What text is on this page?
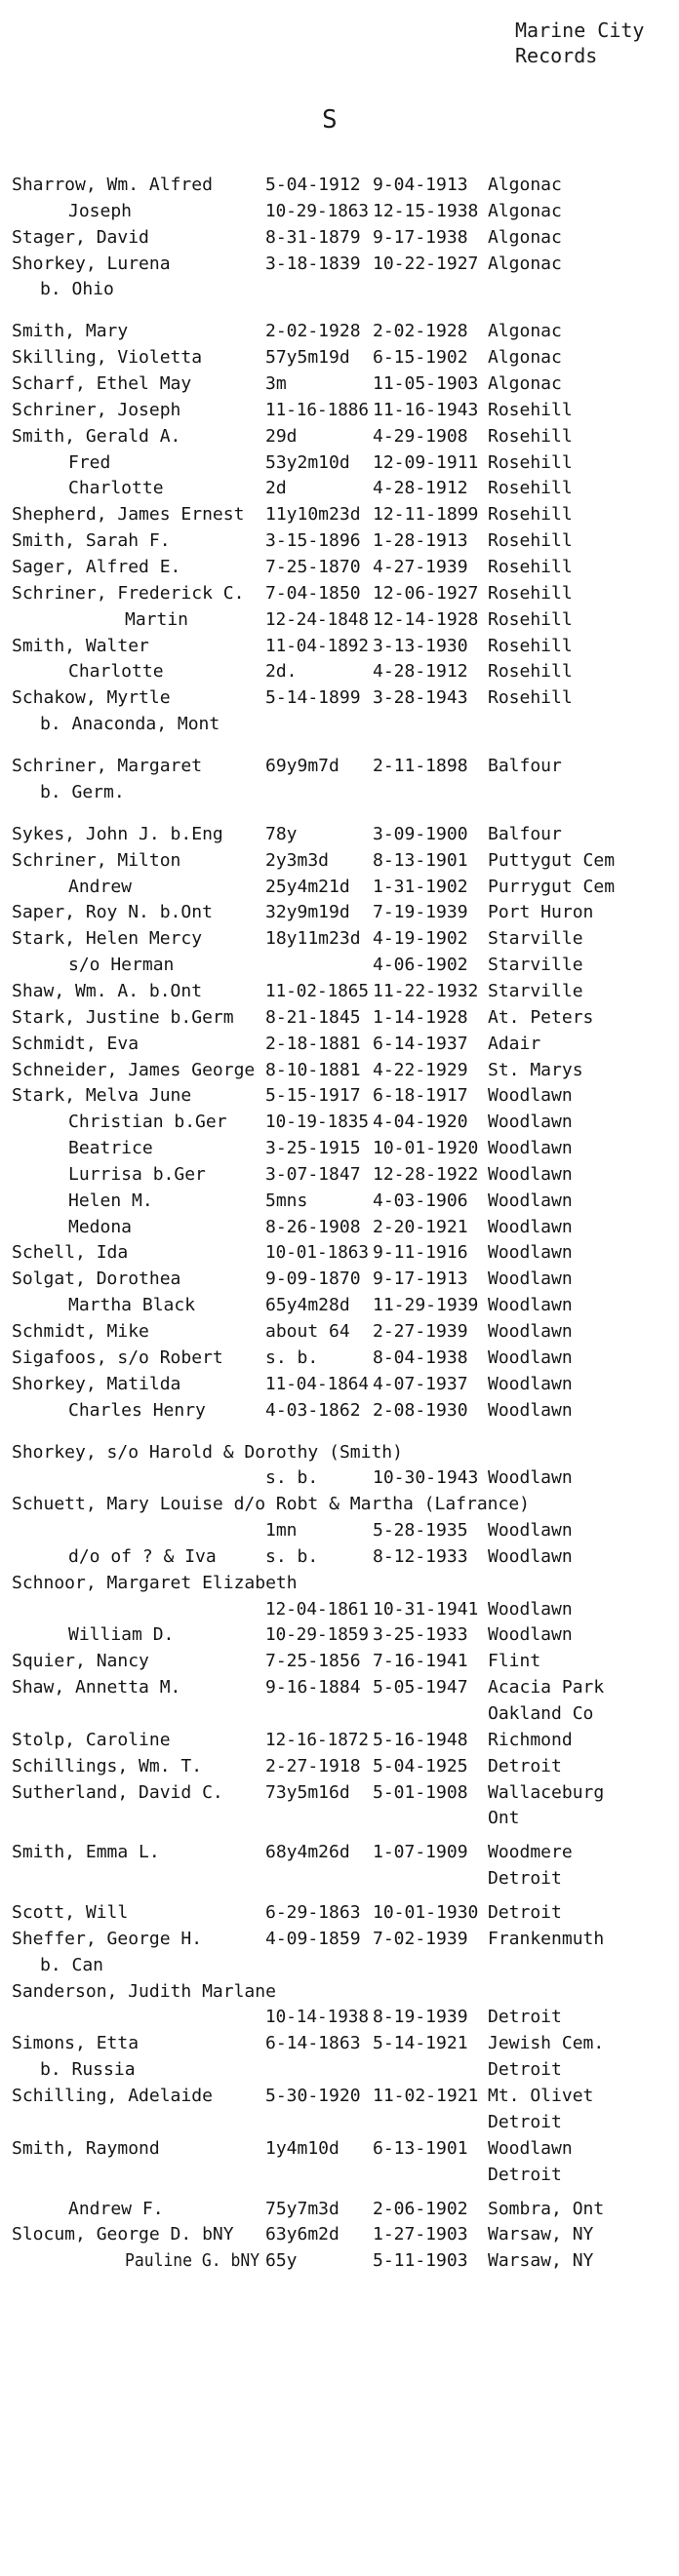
Marine City
Records
S
Sharrow, Wm. Alfred	5-04-1912 9-04-1913 Algonac
Joseph	10-29-1863 12-15-1938 Algonac
Stager, David	8-31-1879 9-17-1938 Algonac
Shorkey, Lurena	3-18-1839 10-22-1927 Algonac
b. Ohio
Smith, Mary	2-02-1928 2-02-1928 Algonac
Skilling, Violetta	57y5m19d 6-15-1902 Algonac
Scharf, Ethel May	3m	11-05-1903 Algonac
Schriner, Joseph	11-16-1886 11-16-1943 Rosehill
Smith, Gerald A.	29d	4-29-1908 Rosehill
Fred	53y2m10d 12-09-1911 Rosehill
Charlotte	2d	4-28-1912 Rosehill
Shepherd, James Ernest 11y10m23d 12-11-1899 Rosehill
Smith, Sarah F.	3-15-1896 1-28-1913 Rosehill
Sager, Alfred E.	7-25-1870 4-27-1939 Rosehill
Schriner, Frederick C. 7-04-1850 12-06-1927 Rosehill
Martin	12-24-1848 12-14-1928 Rosehill
Smith, Walter	11-04-1892 3-13-1930 Rosehill
Charlotte	2d.	4-28-1912 Rosehill
Schakow, Myrtle	5-14-1899 3-28-1943 Rosehill
b. Anaconda, Mont
Schriner, Margaret	69y9m7d 2-11-1898 Balfour
b. Germ.
Sykes, John J. b.Eng 78y	3-09-1900 Balfour
Schriner, Milton	2y3m3d 8-13-1901 Puttygut Cem
Andrew	25y4m21d 1-31-1902 Purrygut Cem
Saper, Roy N. b.Ont	32y9m19d 7-19-1939 Port Huron
Stark, Helen Mercy	18y11m23d 4-19-1902 Starville
s/o Herman	4-06-1902 Starville
Shaw, Wm. A. b.Ont	11-02-1865 11-22-1932 Starville
Stark, Justine b.Germ 8-21-1845 1-14-1928 At. Peters
Schmidt, Eva	2-18-1881 6-14-1937 Adair
Schneider, James George 8-10-1881 4-22-1929 St. Marys
Stark, Melva June	5-15-1917 6-18-1917 Woodlawn
Christian b.Ger 10-19-1835 4-04-1920 Woodlawn
Beatrice	3-25-1915 10-01-1920 Woodlawn
Lurrisa b.Ger	3-07-1847 12-28-1922 Woodlawn
Helen M.	5mns	4-03-1906 Woodlawn
Medona	8-26-1908 2-20-1921 Woodlawn
Schell, Ida	10-01-1863 9-11-1916 Woodlawn
Solgat, Dorothea	9-09-1870 9-17-1913 Woodlawn
Martha Black	65y4m28d 11-29-1939 Woodlawn
Schmidt, Mike	about 64 2-27-1939 Woodlawn
Sigafoos, s/o Robert s. b.	8-04-1938 Woodlawn
Shorkey, Matilda	11-04-1864 4-07-1937 Woodlawn
Charles Henry	4-03-1862 2-08-1930 Woodlawn
Shorkey, s/o Harold & Dorothy (Smith)
s. b.	10-30-1943 Woodlawn
Schuett, Mary Louise d/o Robt & Martha (Lafrance)
1mn	5-28-1935 Woodlawn
d/o of ? & Iva	s. b.	8-12-1933 Woodlawn
Schnoor, Margaret Elizabeth
12-04-1861 10-31-1941 Woodlawn
William D.	10-29-1859 3-25-1933 Woodlawn
Squier, Nancy	7-25-1856 7-16-1941 Flint
Shaw, Annetta M.	9-16-1884 5-05-1947 Acacia Park
Oakland Co
Stolp, Caroline	12-16-1872 5-16-1948 Richmond
Schillings, Wm. T.	2-27-1918 5-04-1925 Detroit
Sutherland, David C. 73y5m16d 5-01-1908 Wallaceburg
Ont
Smith, Emma L.	68y4m26d 1-07-1909 Woodmere
Detroit
Scott, Will	6-29-1863 10-01-1930 Detroit
Sheffer, George H.	4-09-1859 7-02-1939 Frankenmuth
b. Can
Sanderson, Judith Marlane
10-14-1938 8-19-1939 Detroit
Simons, Etta	6-14-1863 5-14-1921 Jewish Cem.
b. Russia	Detroit
Schilling, Adelaide	5-30-1920 11-02-1921 Mt. Olivet
Detroit
Smith, Raymond	1y4m10d 6-13-1901 Woodlawn
Detroit
Andrew F.	75y7m3d 2-06-1902 Sombra, Ont
Slocum, George D. bNY 63y6m2d 1-27-1903 Warsaw, NY
Pauline G. bNY 65y	5-11-1903 Warsaw, NY
